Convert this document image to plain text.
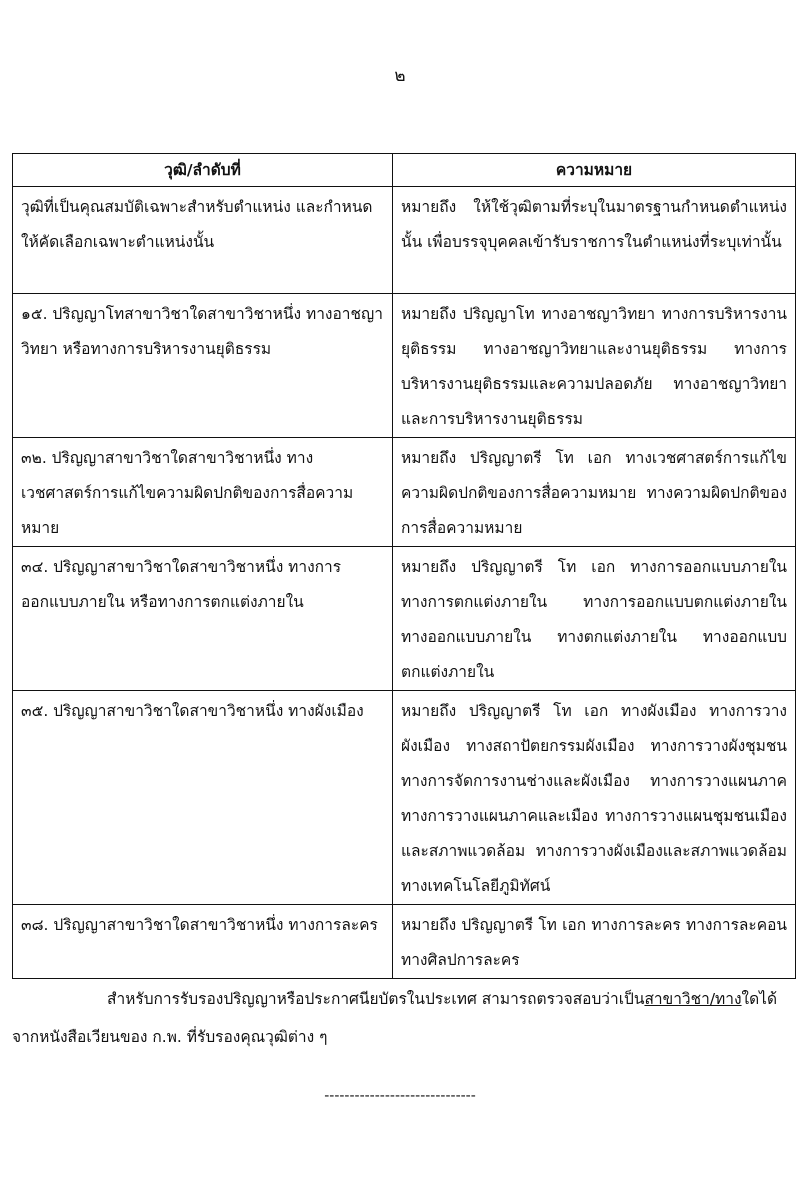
๒
วุฒิ/ลำดับที่	ความหมาย
วุฒิที่เป็นคุณสมบัติเฉพาะสำหรับตำแหน่ง และกำหนดให้คัดเลือกเฉพาะตำแหน่งนั้น	หมายถึง ให้ใช้วุฒิตามที่ระบุในมาตรฐานกำหนดตำแหน่งนั้น เพื่อบรรจุบุคคลเข้ารับราชการในตำแหน่งที่ระบุเท่านั้น
๑๕. ปริญญาโทสาขาวิชาใดสาขาวิชาหนึ่ง ทางอาชญาวิทยา หรือทางการบริหารงานยุติธรรม	หมายถึง ปริญญาโท ทางอาชญาวิทยา ทางการบริหารงานยุติธรรม ทางอาชญาวิทยาและงานยุติธรรม ทางการบริหารงานยุติธรรมและความปลอดภัย ทางอาชญาวิทยาและการบริหารงานยุติธรรม
๓๒. ปริญญาสาขาวิชาใดสาขาวิชาหนึ่ง ทางเวชศาสตร์การแก้ไขความผิดปกติของการสื่อความหมาย	หมายถึง ปริญญาตรี โท เอก ทางเวชศาสตร์การแก้ไขความผิดปกติของการสื่อความหมาย ทางความผิดปกติของการสื่อความหมาย
๓๔. ปริญญาสาขาวิชาใดสาขาวิชาหนึ่ง ทางการออกแบบภายใน หรือทางการตกแต่งภายใน	หมายถึง ปริญญาตรี โท เอก ทางการออกแบบภายใน ทางการตกแต่งภายใน ทางการออกแบบตกแต่งภายใน ทางออกแบบภายใน ทางตกแต่งภายใน ทางออกแบบตกแต่งภายใน
๓๕. ปริญญาสาขาวิชาใดสาขาวิชาหนึ่ง ทางผังเมือง	หมายถึง ปริญญาตรี โท เอก ทางผังเมือง ทางการวางผังเมือง ทางสถาปัตยกรรมผังเมือง ทางการวางผังชุมชน ทางการจัดการงานช่างและผังเมือง ทางการวางแผนภาค ทางการวางแผนภาคและเมือง ทางการวางแผนชุมชนเมืองและสภาพแวดล้อม ทางการวางผังเมืองและสภาพแวดล้อม ทางเทคโนโลยีภูมิทัศน์
๓๘. ปริญญาสาขาวิชาใดสาขาวิชาหนึ่ง ทางการละคร	หมายถึง ปริญญาตรี โท เอก ทางการละคร ทางการละคอน ทางศิลปการละคร
สำหรับการรับรองปริญญาหรือประกาศนียบัตรในประเทศ สามารถตรวจสอบว่าเป็นสาขาวิชา/ทางใดได้จากหนังสือเวียนของ ก.พ. ที่รับรองคุณวุฒิต่าง ๆ
------------------------------
